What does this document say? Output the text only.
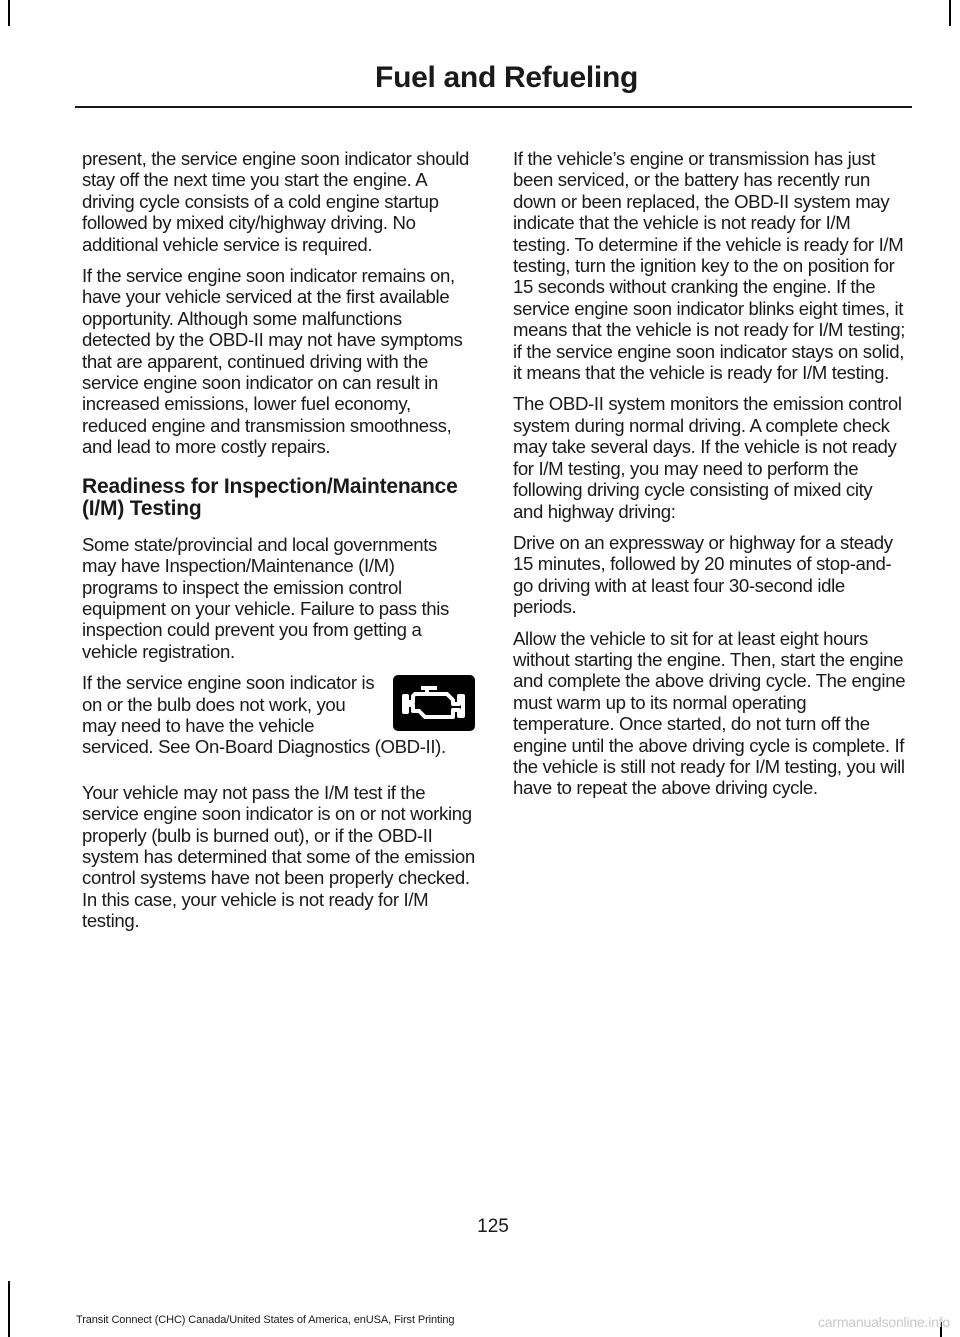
Fuel and Refueling

present, the service engine soon indicator should stay off the next time you start the engine. A driving cycle consists of a cold engine startup followed by mixed city/highway driving. No additional vehicle service is required.

If the service engine soon indicator remains on, have your vehicle serviced at the first available opportunity. Although some malfunctions detected by the OBD-II may not have symptoms that are apparent, continued driving with the service engine soon indicator on can result in increased emissions, lower fuel economy, reduced engine and transmission smoothness, and lead to more costly repairs.

Readiness for Inspection/Maintenance (I/M) Testing

Some state/provincial and local governments may have Inspection/Maintenance (I/M) programs to inspect the emission control equipment on your vehicle. Failure to pass this inspection could prevent you from getting a vehicle registration.

If the service engine soon indicator is on or the bulb does not work, you may need to have the vehicle serviced. See On-Board Diagnostics (OBD-II).

Your vehicle may not pass the I/M test if the service engine soon indicator is on or not working properly (bulb is burned out), or if the OBD-II system has determined that some of the emission control systems have not been properly checked. In this case, your vehicle is not ready for I/M testing.

If the vehicle’s engine or transmission has just been serviced, or the battery has recently run down or been replaced, the OBD-II system may indicate that the vehicle is not ready for I/M testing. To determine if the vehicle is ready for I/M testing, turn the ignition key to the on position for 15 seconds without cranking the engine. If the service engine soon indicator blinks eight times, it means that the vehicle is not ready for I/M testing; if the service engine soon indicator stays on solid, it means that the vehicle is ready for I/M testing.

The OBD-II system monitors the emission control system during normal driving. A complete check may take several days. If the vehicle is not ready for I/M testing, you may need to perform the following driving cycle consisting of mixed city and highway driving:

Drive on an expressway or highway for a steady 15 minutes, followed by 20 minutes of stop-and-go driving with at least four 30-second idle periods.

Allow the vehicle to sit for at least eight hours without starting the engine. Then, start the engine and complete the above driving cycle. The engine must warm up to its normal operating temperature. Once started, do not turn off the engine until the above driving cycle is complete. If the vehicle is still not ready for I/M testing, you will have to repeat the above driving cycle.

125

Transit Connect (CHC) Canada/United States of America, enUSA, First Printing	carmanualsonline.info
